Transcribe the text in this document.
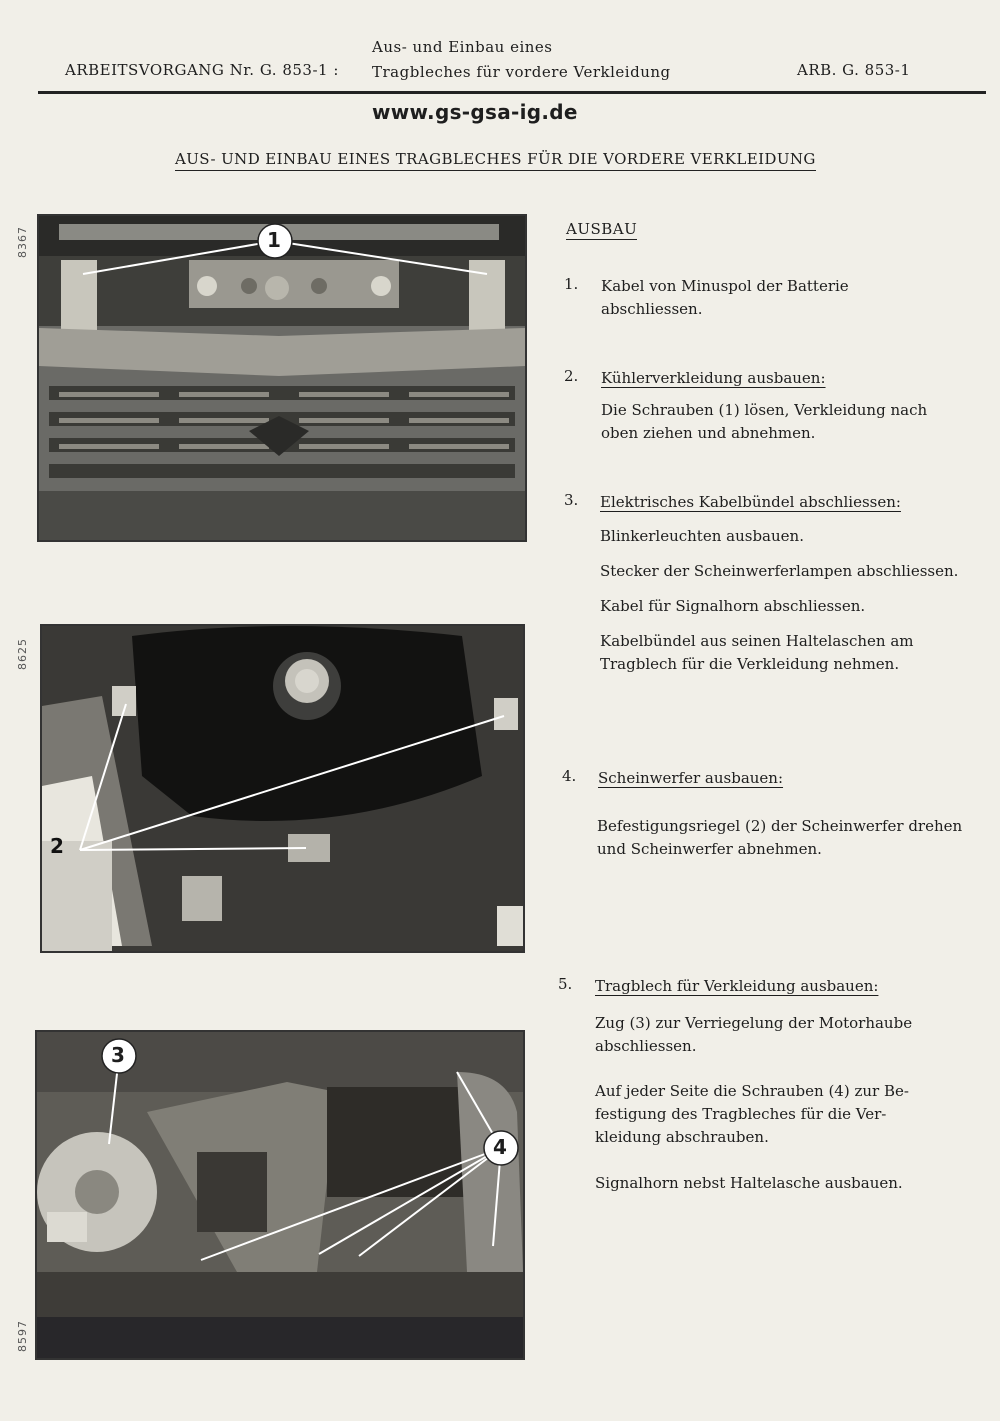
ARBEITSVORGANG Nr. G. 853-1 :
Aus- und Einbau eines
Tragbleches für vordere Verkleidung	ARB. G. 853-1
www.gs-gsa-ig.de
AUS- UND EINBAU EINES TRAGBLECHES FÜR DIE VORDERE VERKLEIDUNG
8367	1
8625
2
8597
3
4
AUSBAU
1. Kabel von Minuspol der Batterie
abschliessen.
2. Kühlerverkleidung ausbauen:
Die Schrauben (1) lösen, Verkleidung nach
oben ziehen und abnehmen.
3. Elektrisches Kabelbündel abschliessen:
Blinkerleuchten ausbauen.
Stecker der Scheinwerferlampen abschliessen.
Kabel für Signalhorn abschliessen.
Kabelbündel aus seinen Haltelaschen am
Tragblech für die Verkleidung nehmen.
4. Scheinwerfer ausbauen:
Befestigungsriegel (2) der Scheinwerfer drehen
und Scheinwerfer abnehmen.
5. Tragblech für Verkleidung ausbauen:
Zug (3) zur Verriegelung der Motorhaube
abschliessen.
Auf jeder Seite die Schrauben (4) zur Be-
festigung des Tragbleches für die Ver-
kleidung abschrauben.
Signalhorn nebst Haltelasche ausbauen.
